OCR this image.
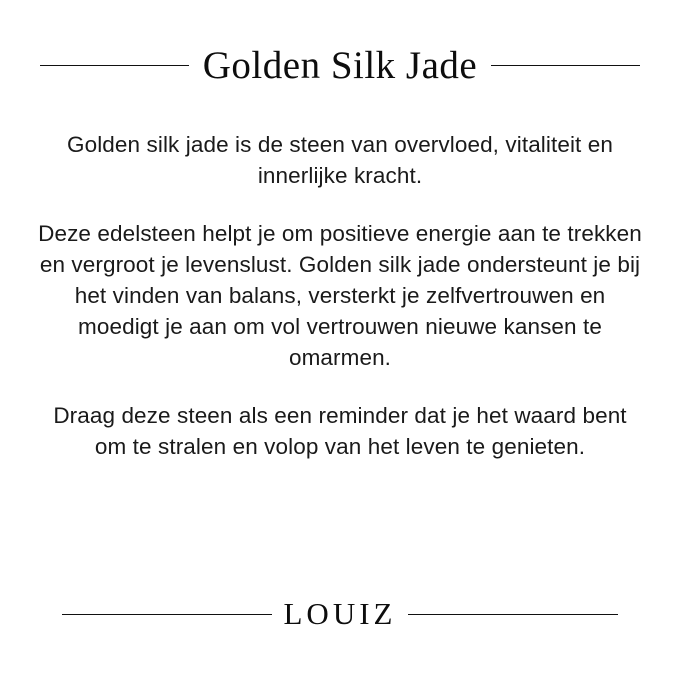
Golden Silk Jade

Golden silk jade is de steen van overvloed, vitaliteit en innerlijke kracht.

Deze edelsteen helpt je om positieve energie aan te trekken en vergroot je levenslust. Golden silk jade ondersteunt je bij het vinden van balans, versterkt je zelfvertrouwen en moedigt je aan om vol vertrouwen nieuwe kansen te omarmen.

Draag deze steen als een reminder dat je het waard bent om te stralen en volop van het leven te genieten.

LOUIZ
